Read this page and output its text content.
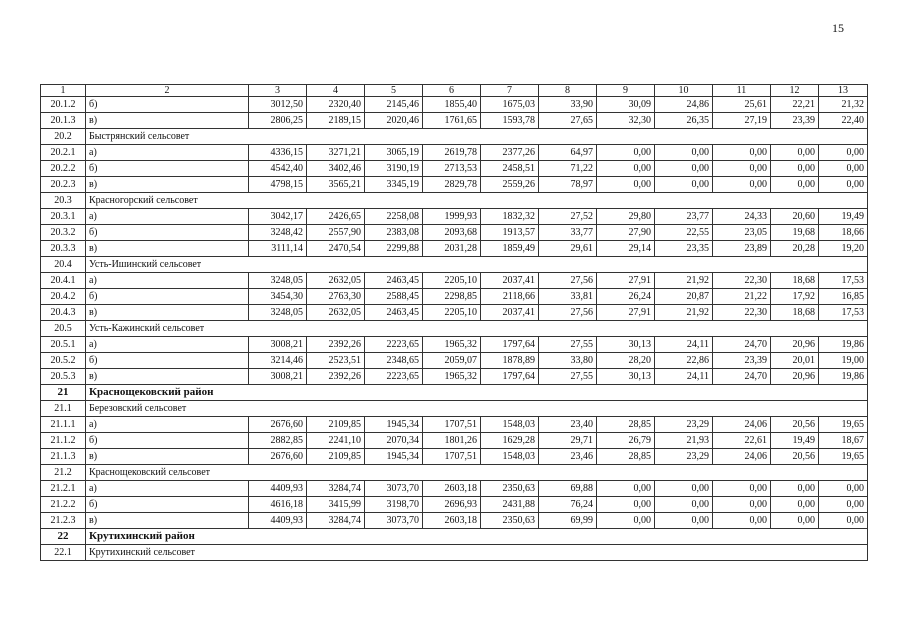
15
1	2	3	4	5	6	7	8	9	10	11	12	13
20.1.2	б)	3012,50	2320,40	2145,46	1855,40	1675,03	33,90	30,09	24,86	25,61	22,21	21,32
20.1.3	в)	2806,25	2189,15	2020,46	1761,65	1593,78	27,65	32,30	26,35	27,19	23,39	22,40
20.2	Быстрянский сельсовет											
20.2.1	а)	4336,15	3271,21	3065,19	2619,78	2377,26	64,97	0,00	0,00	0,00	0,00	0,00
20.2.2	б)	4542,40	3402,46	3190,19	2713,53	2458,51	71,22	0,00	0,00	0,00	0,00	0,00
20.2.3	в)	4798,15	3565,21	3345,19	2829,78	2559,26	78,97	0,00	0,00	0,00	0,00	0,00
20.3	Красногорский сельсовет											
20.3.1	а)	3042,17	2426,65	2258,08	1999,93	1832,32	27,52	29,80	23,77	24,33	20,60	19,49
20.3.2	б)	3248,42	2557,90	2383,08	2093,68	1913,57	33,77	27,90	22,55	23,05	19,68	18,66
20.3.3	в)	3111,14	2470,54	2299,88	2031,28	1859,49	29,61	29,14	23,35	23,89	20,28	19,20
20.4	Усть-Ишинский сельсовет											
20.4.1	а)	3248,05	2632,05	2463,45	2205,10	2037,41	27,56	27,91	21,92	22,30	18,68	17,53
20.4.2	б)	3454,30	2763,30	2588,45	2298,85	2118,66	33,81	26,24	20,87	21,22	17,92	16,85
20.4.3	в)	3248,05	2632,05	2463,45	2205,10	2037,41	27,56	27,91	21,92	22,30	18,68	17,53
20.5	Усть-Кажинский сельсовет											
20.5.1	а)	3008,21	2392,26	2223,65	1965,32	1797,64	27,55	30,13	24,11	24,70	20,96	19,86
20.5.2	б)	3214,46	2523,51	2348,65	2059,07	1878,89	33,80	28,20	22,86	23,39	20,01	19,00
20.5.3	в)	3008,21	2392,26	2223,65	1965,32	1797,64	27,55	30,13	24,11	24,70	20,96	19,86
21	Краснощековский район											
21.1	Березовский сельсовет											
21.1.1	а)	2676,60	2109,85	1945,34	1707,51	1548,03	23,40	28,85	23,29	24,06	20,56	19,65
21.1.2	б)	2882,85	2241,10	2070,34	1801,26	1629,28	29,71	26,79	21,93	22,61	19,49	18,67
21.1.3	в)	2676,60	2109,85	1945,34	1707,51	1548,03	23,46	28,85	23,29	24,06	20,56	19,65
21.2	Краснощековский сельсовет											
21.2.1	а)	4409,93	3284,74	3073,70	2603,18	2350,63	69,88	0,00	0,00	0,00	0,00	0,00
21.2.2	б)	4616,18	3415,99	3198,70	2696,93	2431,88	76,24	0,00	0,00	0,00	0,00	0,00
21.2.3	в)	4409,93	3284,74	3073,70	2603,18	2350,63	69,99	0,00	0,00	0,00	0,00	0,00
22	Крутихинский район											
22.1	Крутихинский сельсовет											
